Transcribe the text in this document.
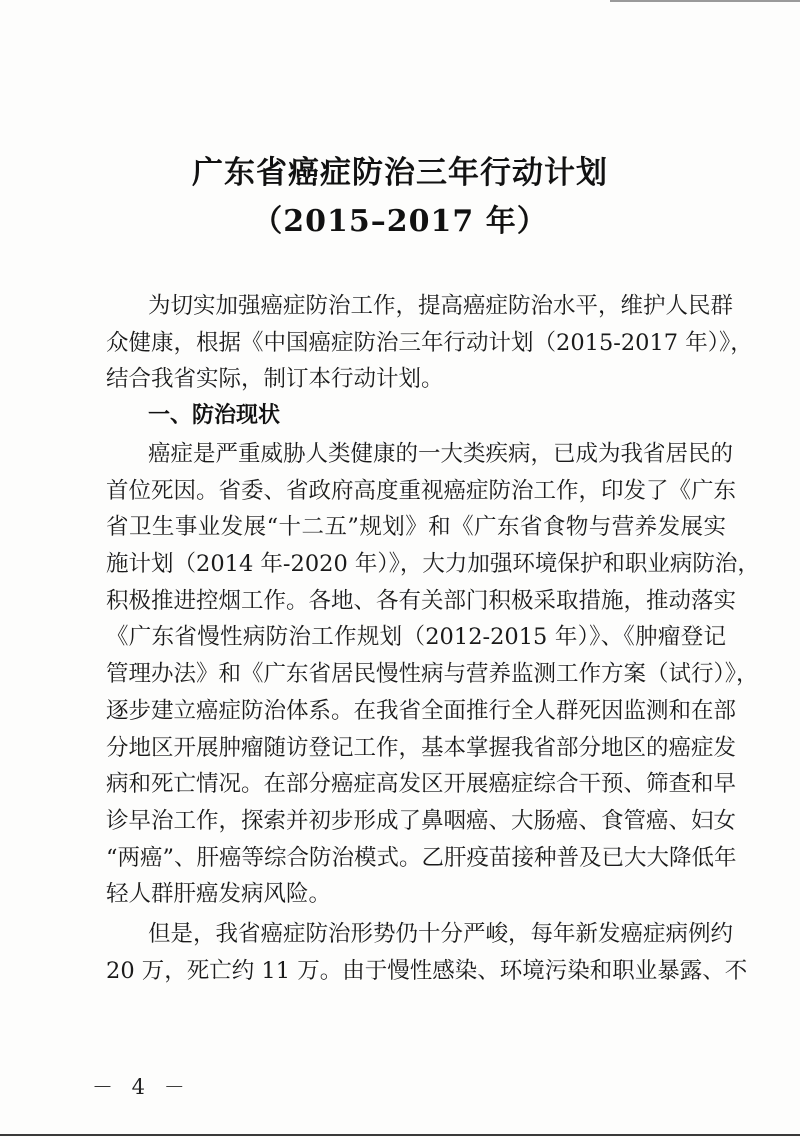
广东省癌症防治三年行动计划
（2015–2017 年）
为切实加强癌症防治工作，提高癌症防治水平，维护人民群
众健康，根据《中国癌症防治三年行动计划（2015-2017 年）》，
结合我省实际，制订本行动计划。
一、防治现状
癌症是严重威胁人类健康的一大类疾病，已成为我省居民的
首位死因。省委、省政府高度重视癌症防治工作，印发了《广东
省卫生事业发展“十二五”规划》和《广东省食物与营养发展实
施计划（2014 年-2020 年）》，大力加强环境保护和职业病防治，
积极推进控烟工作。各地、各有关部门积极采取措施，推动落实
《广东省慢性病防治工作规划（2012-2015 年）》、《肿瘤登记
管理办法》和《广东省居民慢性病与营养监测工作方案（试行）》，
逐步建立癌症防治体系。在我省全面推行全人群死因监测和在部
分地区开展肿瘤随访登记工作，基本掌握我省部分地区的癌症发
病和死亡情况。在部分癌症高发区开展癌症综合干预、筛查和早
诊早治工作，探索并初步形成了鼻咽癌、大肠癌、食管癌、妇女
“两癌”、肝癌等综合防治模式。乙肝疫苗接种普及已大大降低年
轻人群肝癌发病风险。
但是，我省癌症防治形势仍十分严峻，每年新发癌症病例约
20 万，死亡约 11 万。由于慢性感染、环境污染和职业暴露、不
－ 4 －
